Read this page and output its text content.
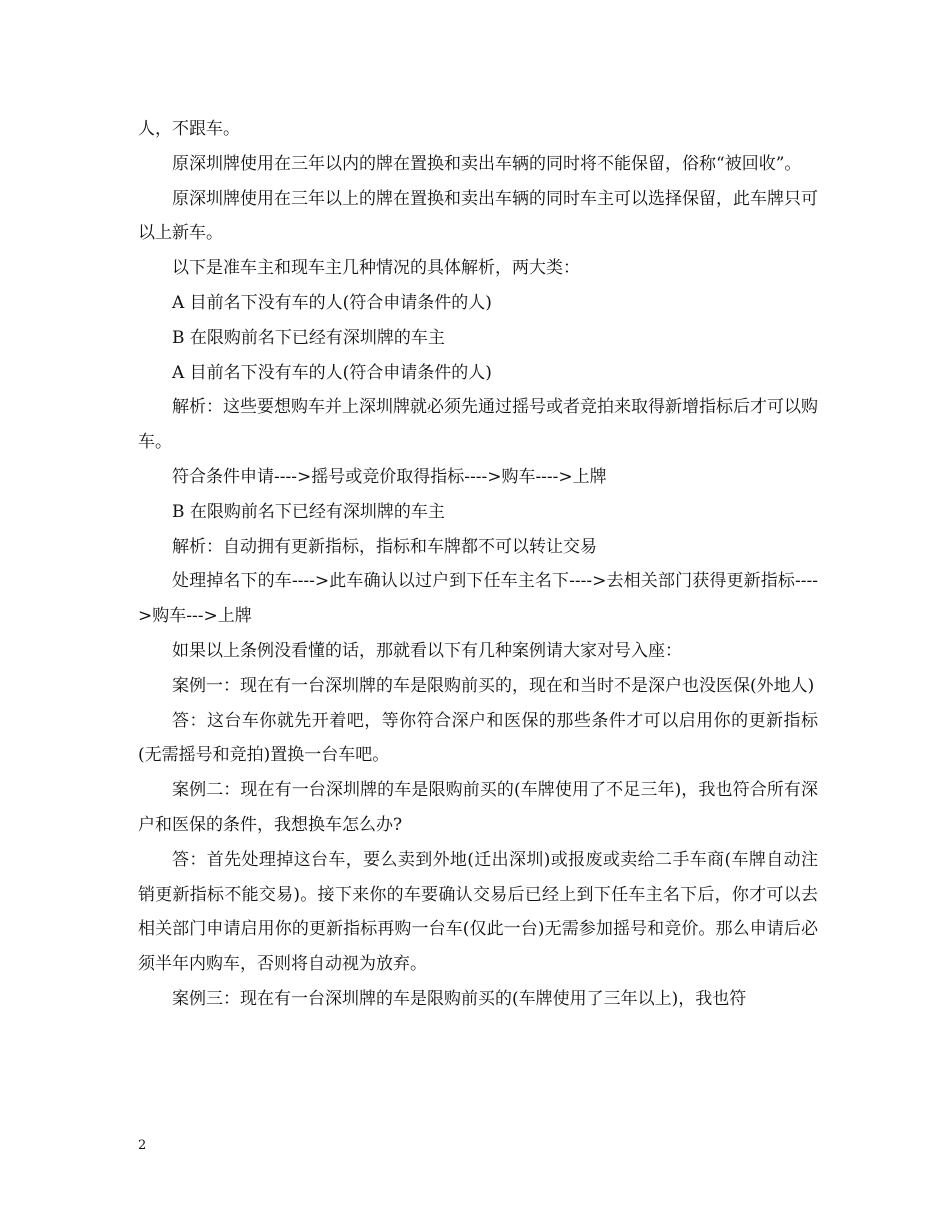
人，不跟车。

原深圳牌使用在三年以内的牌在置换和卖出车辆的同时将不能保留，俗称“被回收”。

原深圳牌使用在三年以上的牌在置换和卖出车辆的同时车主可以选择保留，此车牌只可以上新车。

以下是准车主和现车主几种情况的具体解析，两大类：

A 目前名下没有车的人(符合申请条件的人)

B 在限购前名下已经有深圳牌的车主

A 目前名下没有车的人(符合申请条件的人)

解析：这些要想购车并上深圳牌就必须先通过摇号或者竞拍来取得新增指标后才可以购车。

符合条件申请---->摇号或竞价取得指标---->购车---->上牌

B 在限购前名下已经有深圳牌的车主

解析：自动拥有更新指标，指标和车牌都不可以转让交易

处理掉名下的车---->此车确认以过户到下任车主名下---->去相关部门获得更新指标---->购车--->上牌

如果以上条例没看懂的话，那就看以下有几种案例请大家对号入座：

案例一：现在有一台深圳牌的车是限购前买的，现在和当时不是深户也没医保(外地人)

答：这台车你就先开着吧，等你符合深户和医保的那些条件才可以启用你的更新指标(无需摇号和竞拍)置换一台车吧。

案例二：现在有一台深圳牌的车是限购前买的(车牌使用了不足三年)，我也符合所有深户和医保的条件，我想换车怎么办?

答：首先处理掉这台车，要么卖到外地(迁出深圳)或报废或卖给二手车商(车牌自动注销更新指标不能交易)。接下来你的车要确认交易后已经上到下任车主名下后，你才可以去相关部门申请启用你的更新指标再购一台车(仅此一台)无需参加摇号和竞价。那么申请后必须半年内购车，否则将自动视为放弃。

案例三：现在有一台深圳牌的车是限购前买的(车牌使用了三年以上)，我也符

2
